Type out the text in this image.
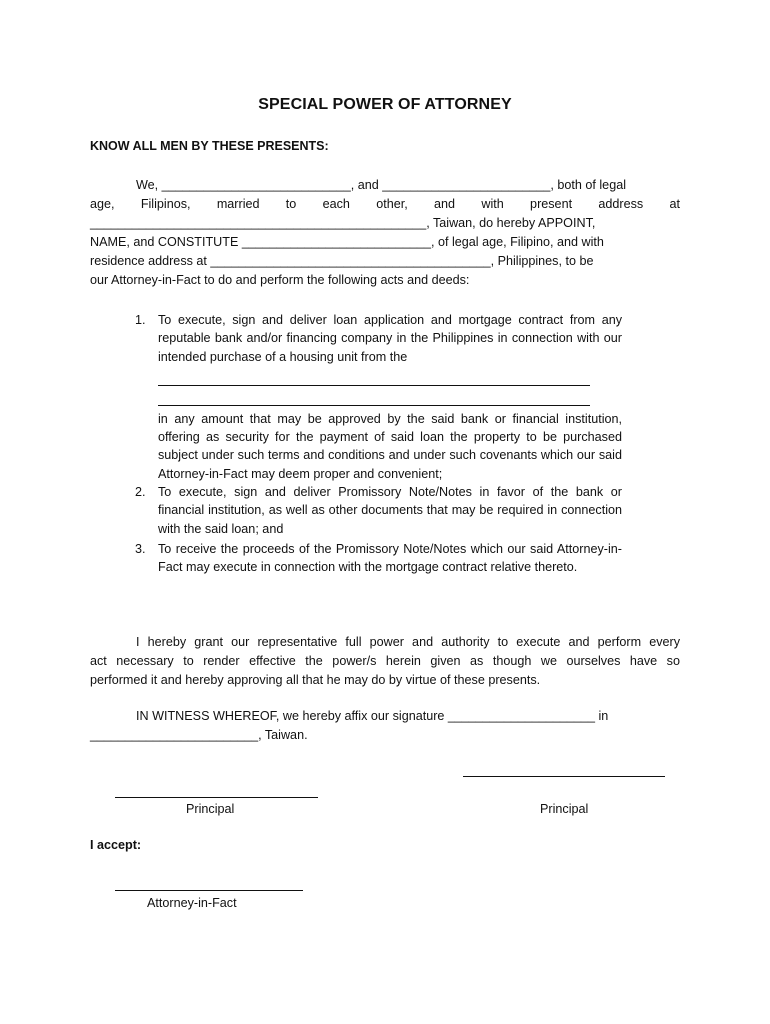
SPECIAL POWER OF ATTORNEY
KNOW ALL MEN BY THESE PRESENTS:
We, ___________________________, and ________________________, both of legal
age, Filipinos, married to each other, and with present address at
________________________________________________, Taiwan, do hereby APPOINT,
NAME, and CONSTITUTE ___________________________, of legal age, Filipino, and with
residence address at ________________________________________, Philippines, to be
our Attorney-in-Fact to do and perform the following acts and deeds:
1. To execute, sign and deliver loan application and mortgage contract from any reputable bank and/or financing company in the Philippines in connection with our intended purchase of a housing unit from the
in any amount that may be approved by the said bank or financial institution, offering as security for the payment of said loan the property to be purchased subject under such terms and conditions and under such covenants which our said Attorney-in-Fact may deem proper and convenient;
2. To execute, sign and deliver Promissory Note/Notes in favor of the bank or financial institution, as well as other documents that may be required in connection with the said loan; and
3. To receive the proceeds of the Promissory Note/Notes which our said Attorney-in-Fact may execute in connection with the mortgage contract relative thereto.
I hereby grant our representative full power and authority to execute and perform every
act necessary to render effective the power/s herein given as though we ourselves have so
performed it and hereby approving all that he may do by virtue of these presents.
IN WITNESS WHEREOF, we hereby affix our signature _____________________ in
________________________, Taiwan.
Principal	Principal
I accept:
Attorney-in-Fact
